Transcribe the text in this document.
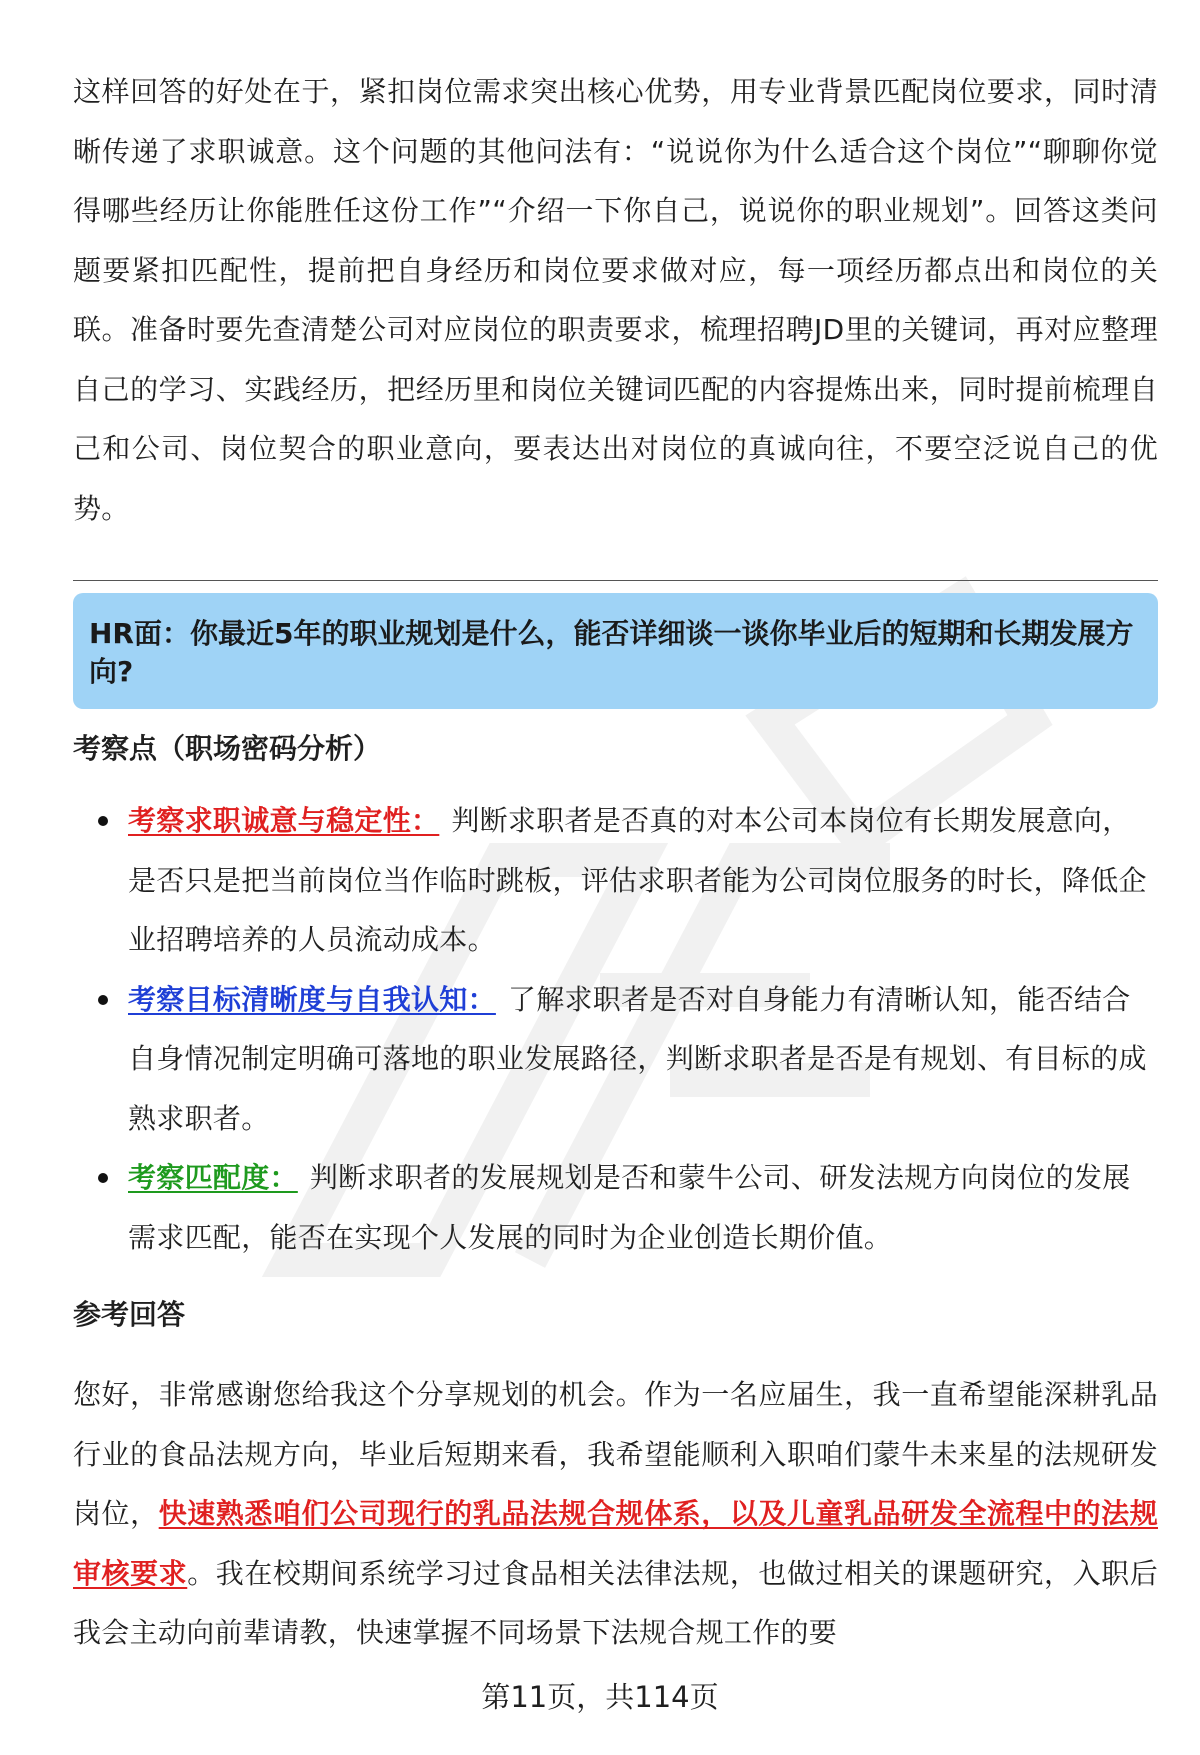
这样回答的好处在于，紧扣岗位需求突出核心优势，用专业背景匹配岗位要求，同时清晰传递了求职诚意。这个问题的其他问法有：“说说你为什么适合这个岗位”“聊聊你觉得哪些经历让你能胜任这份工作”“介绍一下你自己，说说你的职业规划”。回答这类问题要紧扣匹配性，提前把自身经历和岗位要求做对应，每一项经历都点出和岗位的关联。准备时要先查清楚公司对应岗位的职责要求，梳理招聘JD里的关键词，再对应整理自己的学习、实践经历，把经历里和岗位关键词匹配的内容提炼出来，同时提前梳理自己和公司、岗位契合的职业意向，要表达出对岗位的真诚向往，不要空泛说自己的优势。

HR面：你最近5年的职业规划是什么，能否详细谈一谈你毕业后的短期和长期发展方向?
考察点（职场密码分析）
考察求职诚意与稳定性： 判断求职者是否真的对本公司本岗位有长期发展意向，是否只是把当前岗位当作临时跳板，评估求职者能为公司岗位服务的时长，降低企业招聘培养的人员流动成本。
考察目标清晰度与自我认知： 了解求职者是否对自身能力有清晰认知，能否结合自身情况制定明确可落地的职业发展路径，判断求职者是否是有规划、有目标的成熟求职者。
考察匹配度： 判断求职者的发展规划是否和蒙牛公司、研发法规方向岗位的发展需求匹配，能否在实现个人发展的同时为企业创造长期价值。
参考回答

您好，非常感谢您给我这个分享规划的机会。作为一名应届生，我一直希望能深耕乳品行业的食品法规方向，毕业后短期来看，我希望能顺利入职咱们蒙牛未来星的法规研发岗位，快速熟悉咱们公司现行的乳品法规合规体系，以及儿童乳品研发全流程中的法规审核要求。我在校期间系统学习过食品相关法律法规，也做过相关的课题研究，入职后我会主动向前辈请教，快速掌握不同场景下法规合规工作的要

第11页，共114页
